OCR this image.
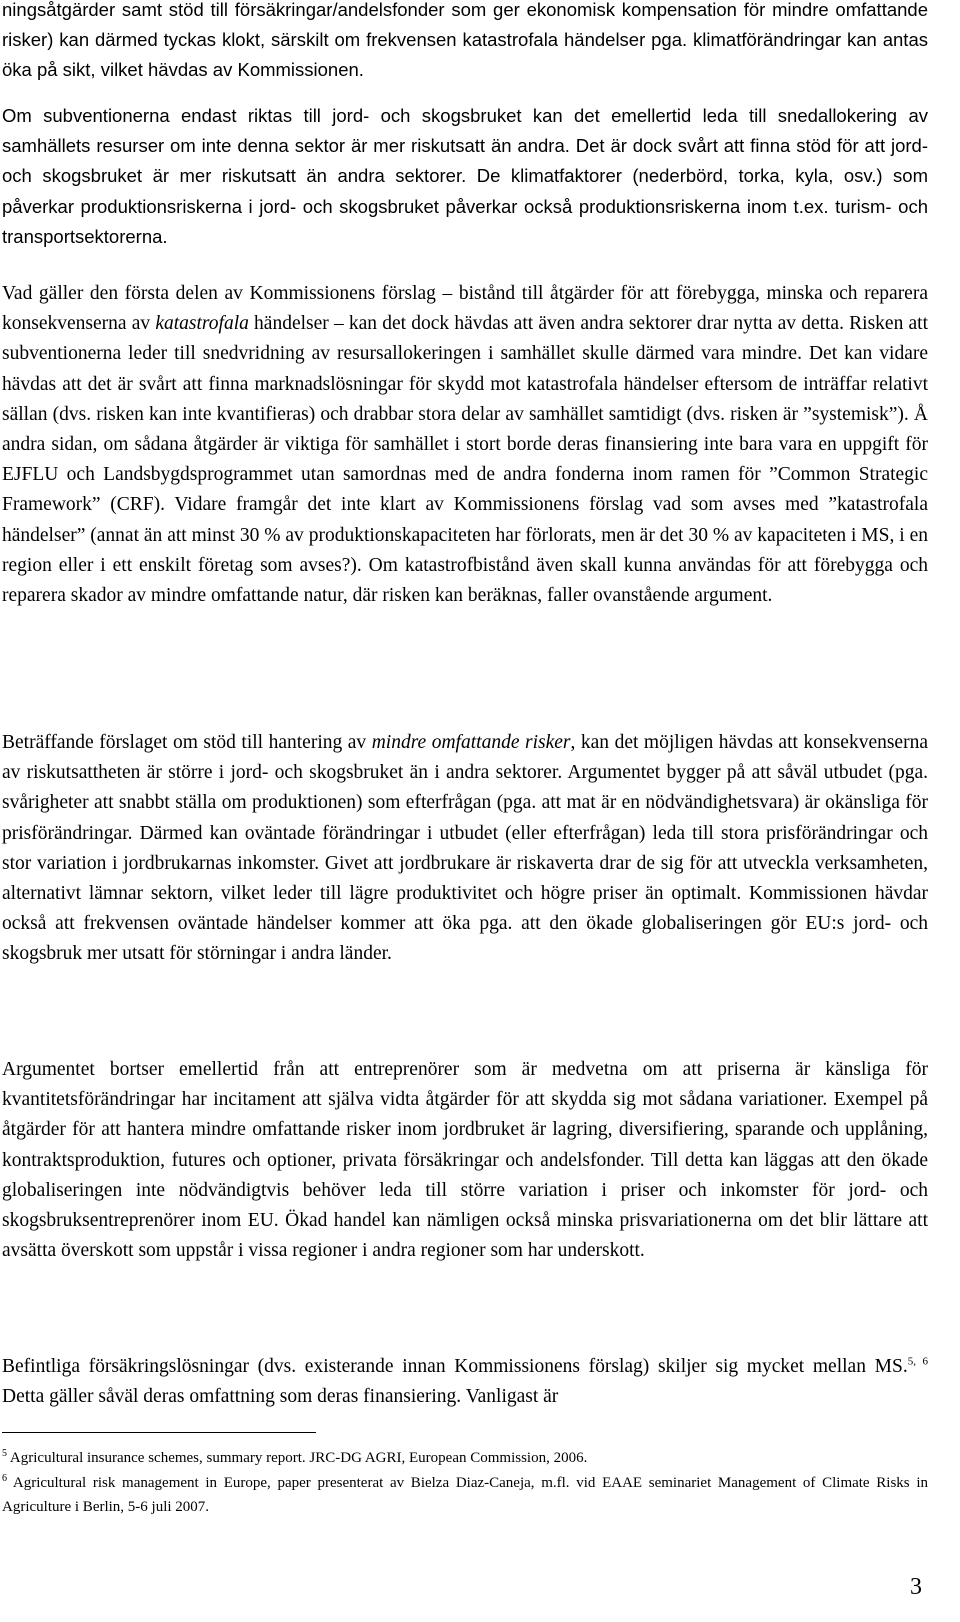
ningsåtgärder samt stöd till försäkringar/andelsfonder som ger ekonomisk kompensation för mindre omfattande risker) kan därmed tyckas klokt, särskilt om frekvensen katastrofala händelser pga. klimatförändringar kan antas öka på sikt, vilket hävdas av Kommissionen.

Om subventionerna endast riktas till jord- och skogsbruket kan det emellertid leda till snedallokering av samhällets resurser om inte denna sektor är mer riskutsatt än andra. Det är dock svårt att finna stöd för att jord- och skogsbruket är mer riskutsatt än andra sektorer. De klimatfaktorer (nederbörd, torka, kyla, osv.) som påverkar produktionsriskerna i jord- och skogsbruket påverkar också produktionsriskerna inom t.ex. turism- och transportsektorerna.

Vad gäller den första delen av Kommissionens förslag – bistånd till åtgärder för att förebygga, minska och reparera konsekvenserna av katastrofala händelser – kan det dock hävdas att även andra sektorer drar nytta av detta. Risken att subventionerna leder till snedvridning av resursallokeringen i samhället skulle därmed vara mindre. Det kan vidare hävdas att det är svårt att finna marknadslösningar för skydd mot katastrofala händelser eftersom de inträffar relativt sällan (dvs. risken kan inte kvantifieras) och drabbar stora delar av samhället samtidigt (dvs. risken är ”systemisk”). Å andra sidan, om sådana åtgärder är viktiga för samhället i stort borde deras finansiering inte bara vara en uppgift för EJFLU och Landsbygdsprogrammet utan samordnas med de andra fonderna inom ramen för ”Common Strategic Framework” (CRF). Vidare framgår det inte klart av Kommissionens förslag vad som avses med ”katastrofala händelser” (annat än att minst 30 % av produktionskapaciteten har förlorats, men är det 30 % av kapaciteten i MS, i en region eller i ett enskilt företag som avses?). Om katastrofbistånd även skall kunna användas för att förebygga och reparera skador av mindre omfattande natur, där risken kan beräknas, faller ovanstående argument.

Beträffande förslaget om stöd till hantering av mindre omfattande risker, kan det möjligen hävdas att konsekvenserna av riskutsattheten är större i jord- och skogsbruket än i andra sektorer. Argumentet bygger på att såväl utbudet (pga. svårigheter att snabbt ställa om produktionen) som efterfrågan (pga. att mat är en nödvändighetsvara) är okänsliga för prisförändringar. Därmed kan oväntade förändringar i utbudet (eller efterfrågan) leda till stora prisförändringar och stor variation i jordbrukarnas inkomster. Givet att jordbrukare är riskaverta drar de sig för att utveckla verksamheten, alternativt lämnar sektorn, vilket leder till lägre produktivitet och högre priser än optimalt. Kommissionen hävdar också att frekvensen oväntade händelser kommer att öka pga. att den ökade globaliseringen gör EU:s jord- och skogsbruk mer utsatt för störningar i andra länder.

Argumentet bortser emellertid från att entreprenörer som är medvetna om att priserna är känsliga för kvantitetsförändringar har incitament att själva vidta åtgärder för att skydda sig mot sådana variationer. Exempel på åtgärder för att hantera mindre omfattande risker inom jordbruket är lagring, diversifiering, sparande och upplåning, kontraktsproduktion, futures och optioner, privata försäkringar och andelsfonder. Till detta kan läggas att den ökade globaliseringen inte nödvändigtvis behöver leda till större variation i priser och inkomster för jord- och skogsbruksentreprenörer inom EU. Ökad handel kan nämligen också minska prisvariationerna om det blir lättare att avsätta överskott som uppstår i vissa regioner i andra regioner som har underskott.

Befintliga försäkringslösningar (dvs. existerande innan Kommissionens förslag) skiljer sig mycket mellan MS.$^{5, 6}$ Detta gäller såväl deras omfattning som deras finansiering. Vanligast är

$^5$ Agricultural insurance schemes, summary report. JRC-DG AGRI, European Commission, 2006.

$^6$ Agricultural risk management in Europe, paper presenterat av Bielza Diaz-Caneja, m.fl. vid EAAE seminariet Management of Climate Risks in Agriculture i Berlin, 5-6 juli 2007.

3
